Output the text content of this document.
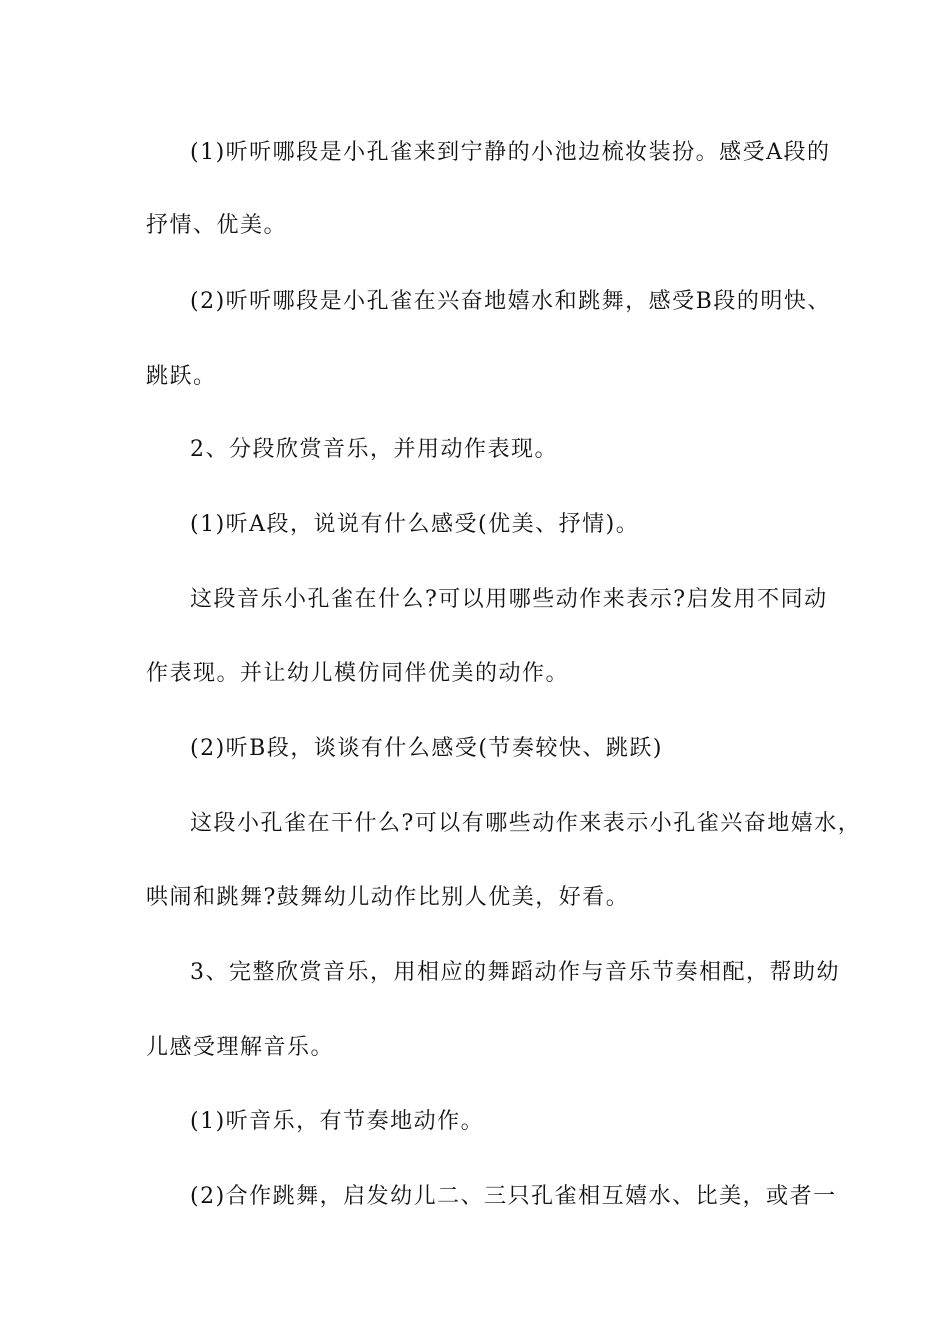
(1)听听哪段是小孔雀来到宁静的小池边梳妆装扮。感受A段的
抒情、优美。
(2)听听哪段是小孔雀在兴奋地嬉水和跳舞，感受B段的明快、
跳跃。
2、分段欣赏音乐，并用动作表现。
(1)听A段，说说有什么感受(优美、抒情)。
这段音乐小孔雀在什么?可以用哪些动作来表示?启发用不同动
作表现。并让幼儿模仿同伴优美的动作。
(2)听B段，谈谈有什么感受(节奏较快、跳跃)
这段小孔雀在干什么?可以有哪些动作来表示小孔雀兴奋地嬉水，
哄闹和跳舞?鼓舞幼儿动作比别人优美，好看。
3、完整欣赏音乐，用相应的舞蹈动作与音乐节奏相配，帮助幼
儿感受理解音乐。
(1)听音乐，有节奏地动作。
(2)合作跳舞，启发幼儿二、三只孔雀相互嬉水、比美，或者一
